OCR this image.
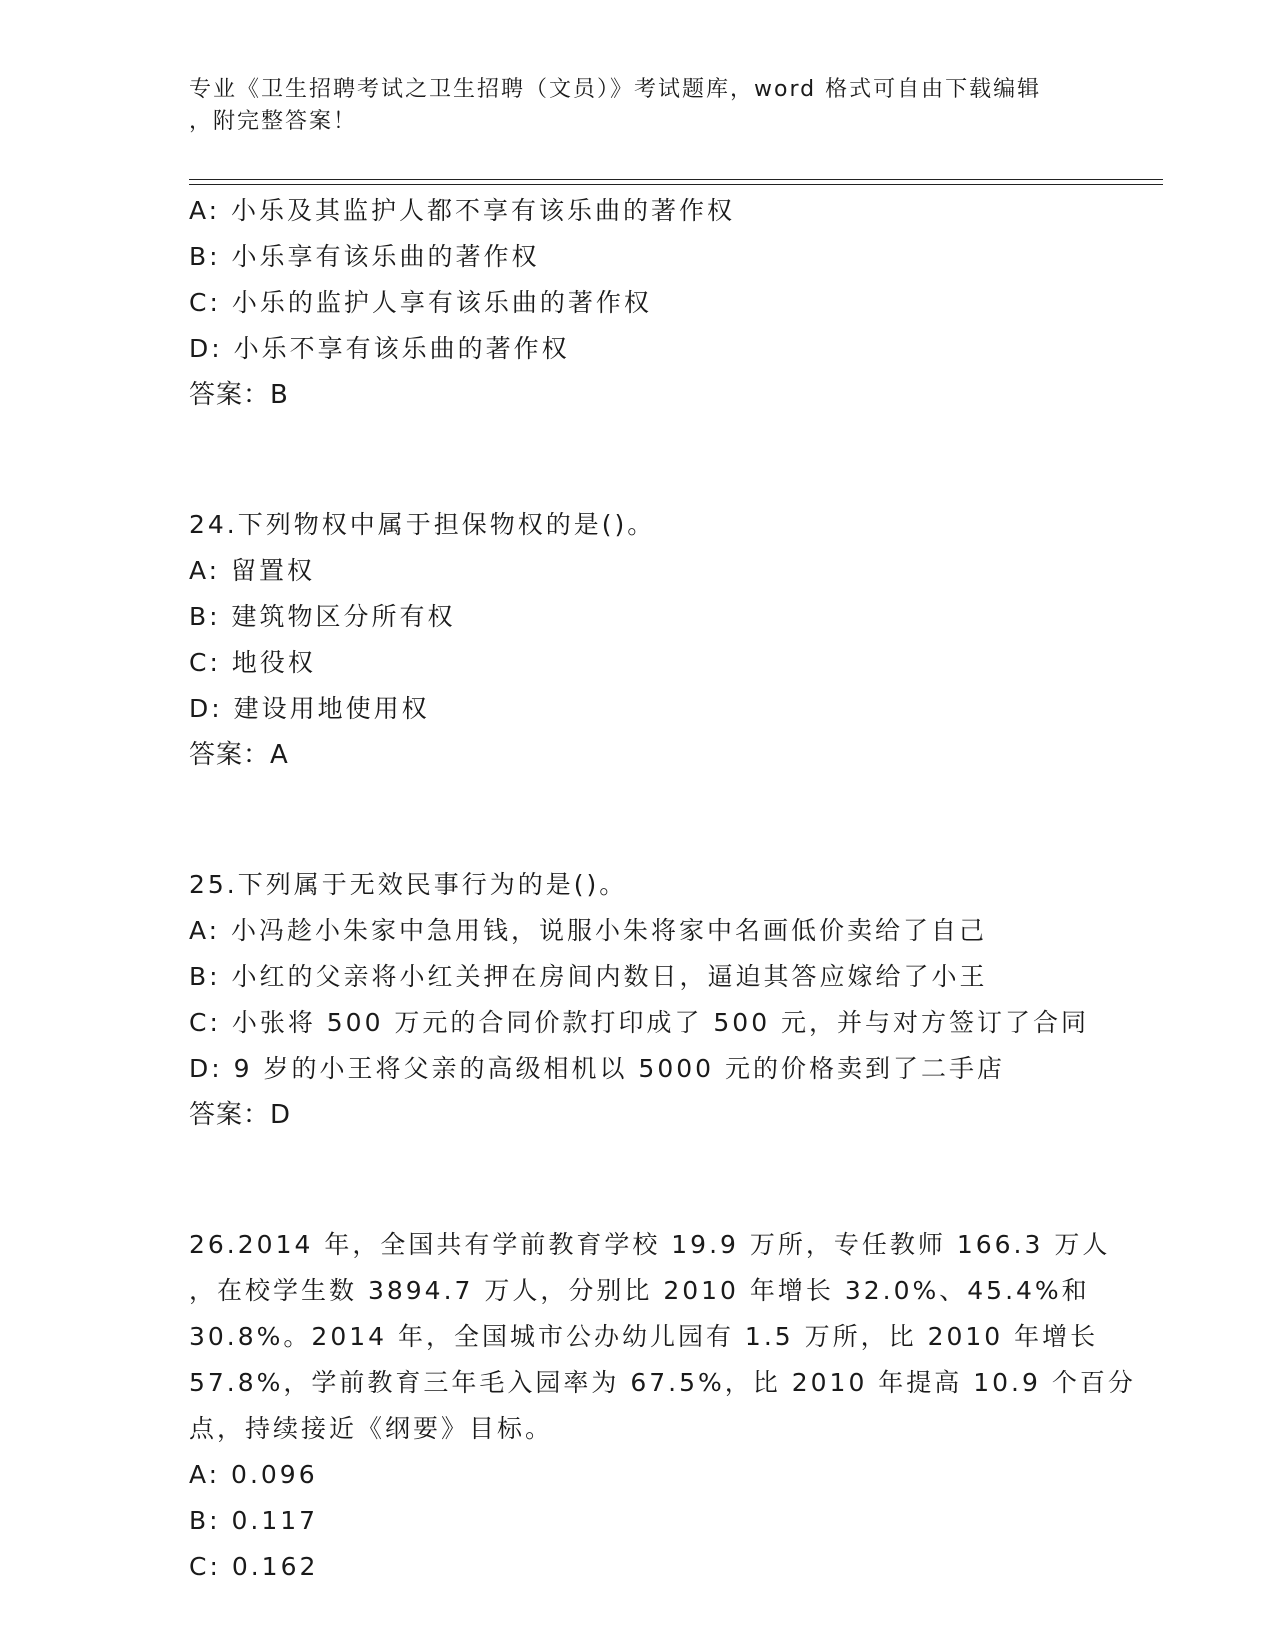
专业《卫生招聘考试之卫生招聘（文员）》考试题库，word 格式可自由下载编辑
，附完整答案！
A: 小乐及其监护人都不享有该乐曲的著作权
B: 小乐享有该乐曲的著作权
C: 小乐的监护人享有该乐曲的著作权
D: 小乐不享有该乐曲的著作权
答案：B
24.下列物权中属于担保物权的是()。
A: 留置权
B: 建筑物区分所有权
C: 地役权
D: 建设用地使用权
答案：A
25.下列属于无效民事行为的是()。
A: 小冯趁小朱家中急用钱，说服小朱将家中名画低价卖给了自己
B: 小红的父亲将小红关押在房间内数日，逼迫其答应嫁给了小王
C: 小张将 500 万元的合同价款打印成了 500 元，并与对方签订了合同
D: 9 岁的小王将父亲的高级相机以 5000 元的价格卖到了二手店
答案：D
26.2014 年，全国共有学前教育学校 19.9 万所，专任教师 166.3 万人
，在校学生数 3894.7 万人，分别比 2010 年增长 32.0%、45.4%和
30.8%。2014 年，全国城市公办幼儿园有 1.5 万所，比 2010 年增长
57.8%，学前教育三年毛入园率为 67.5%，比 2010 年提高 10.9 个百分
点，持续接近《纲要》目标。
A: 0.096
B: 0.117
C: 0.162
